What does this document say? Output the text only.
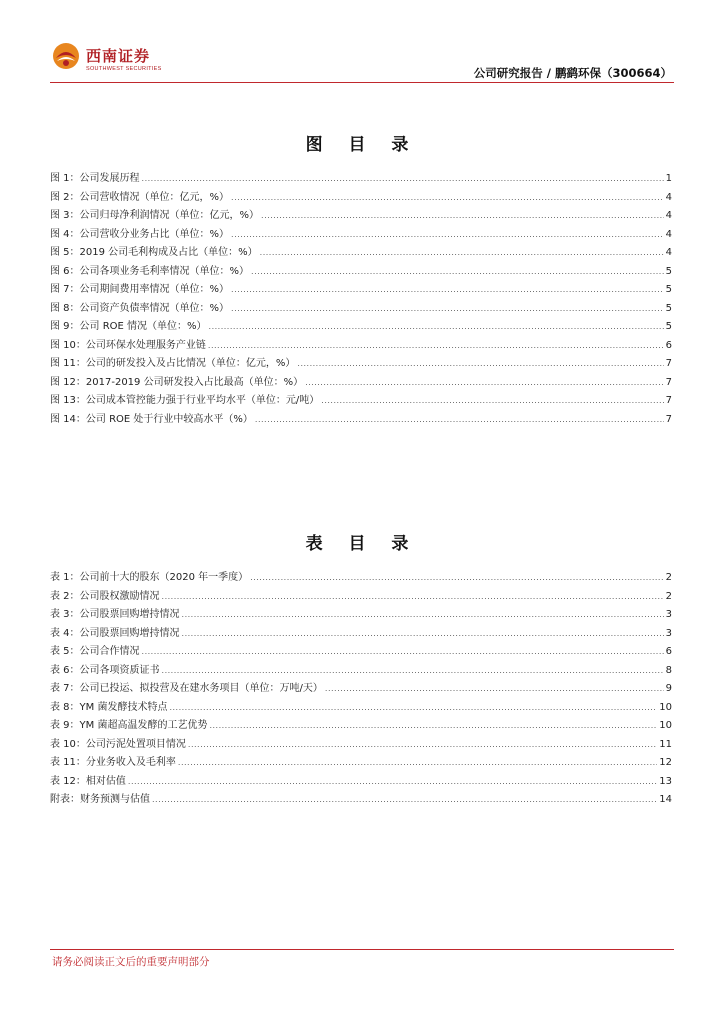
西南证券
SOUTHWEST SECURITIES	公司研究报告 / 鹏鹞环保（300664）
图 目 录
图 1：公司发展历程 .....	1
图 2：公司营收情况（单位：亿元，%） .....	4
图 3：公司归母净利润情况（单位：亿元，%） .....	4
图 4：公司营收分业务占比（单位：%） .....	4
图 5：2019 公司毛利构成及占比（单位：%） .....	4
图 6：公司各项业务毛利率情况（单位：%） .....	5
图 7：公司期间费用率情况（单位：%） .....	5
图 8：公司资产负债率情况（单位：%） .....	5
图 9：公司 ROE 情况（单位：%） .....	5
图 10：公司环保水处理服务产业链 .....	6
图 11：公司的研发投入及占比情况（单位：亿元，%） .....	7
图 12：2017-2019 公司研发投入占比最高（单位：%） .....	7
图 13：公司成本管控能力强于行业平均水平（单位：元/吨） .....	7
图 14：公司 ROE 处于行业中较高水平（%） .....	7
表 目 录
表 1：公司前十大的股东（2020 年一季度） .....	2
表 2：公司股权激励情况 .....	2
表 3：公司股票回购增持情况 .....	3
表 4：公司股票回购增持情况 .....	3
表 5：公司合作情况 .....	6
表 6：公司各项资质证书 .....	8
表 7：公司已投运、拟投营及在建水务项目（单位：万吨/天） .....	9
表 8：YM 菌发酵技术特点 .....	10
表 9：YM 菌超高温发酵的工艺优势 .....	10
表 10：公司污泥处置项目情况 .....	11
表 11：分业务收入及毛利率 .....	12
表 12：相对估值 .....	13
附表：财务预测与估值 .....	14
请务必阅读正文后的重要声明部分
